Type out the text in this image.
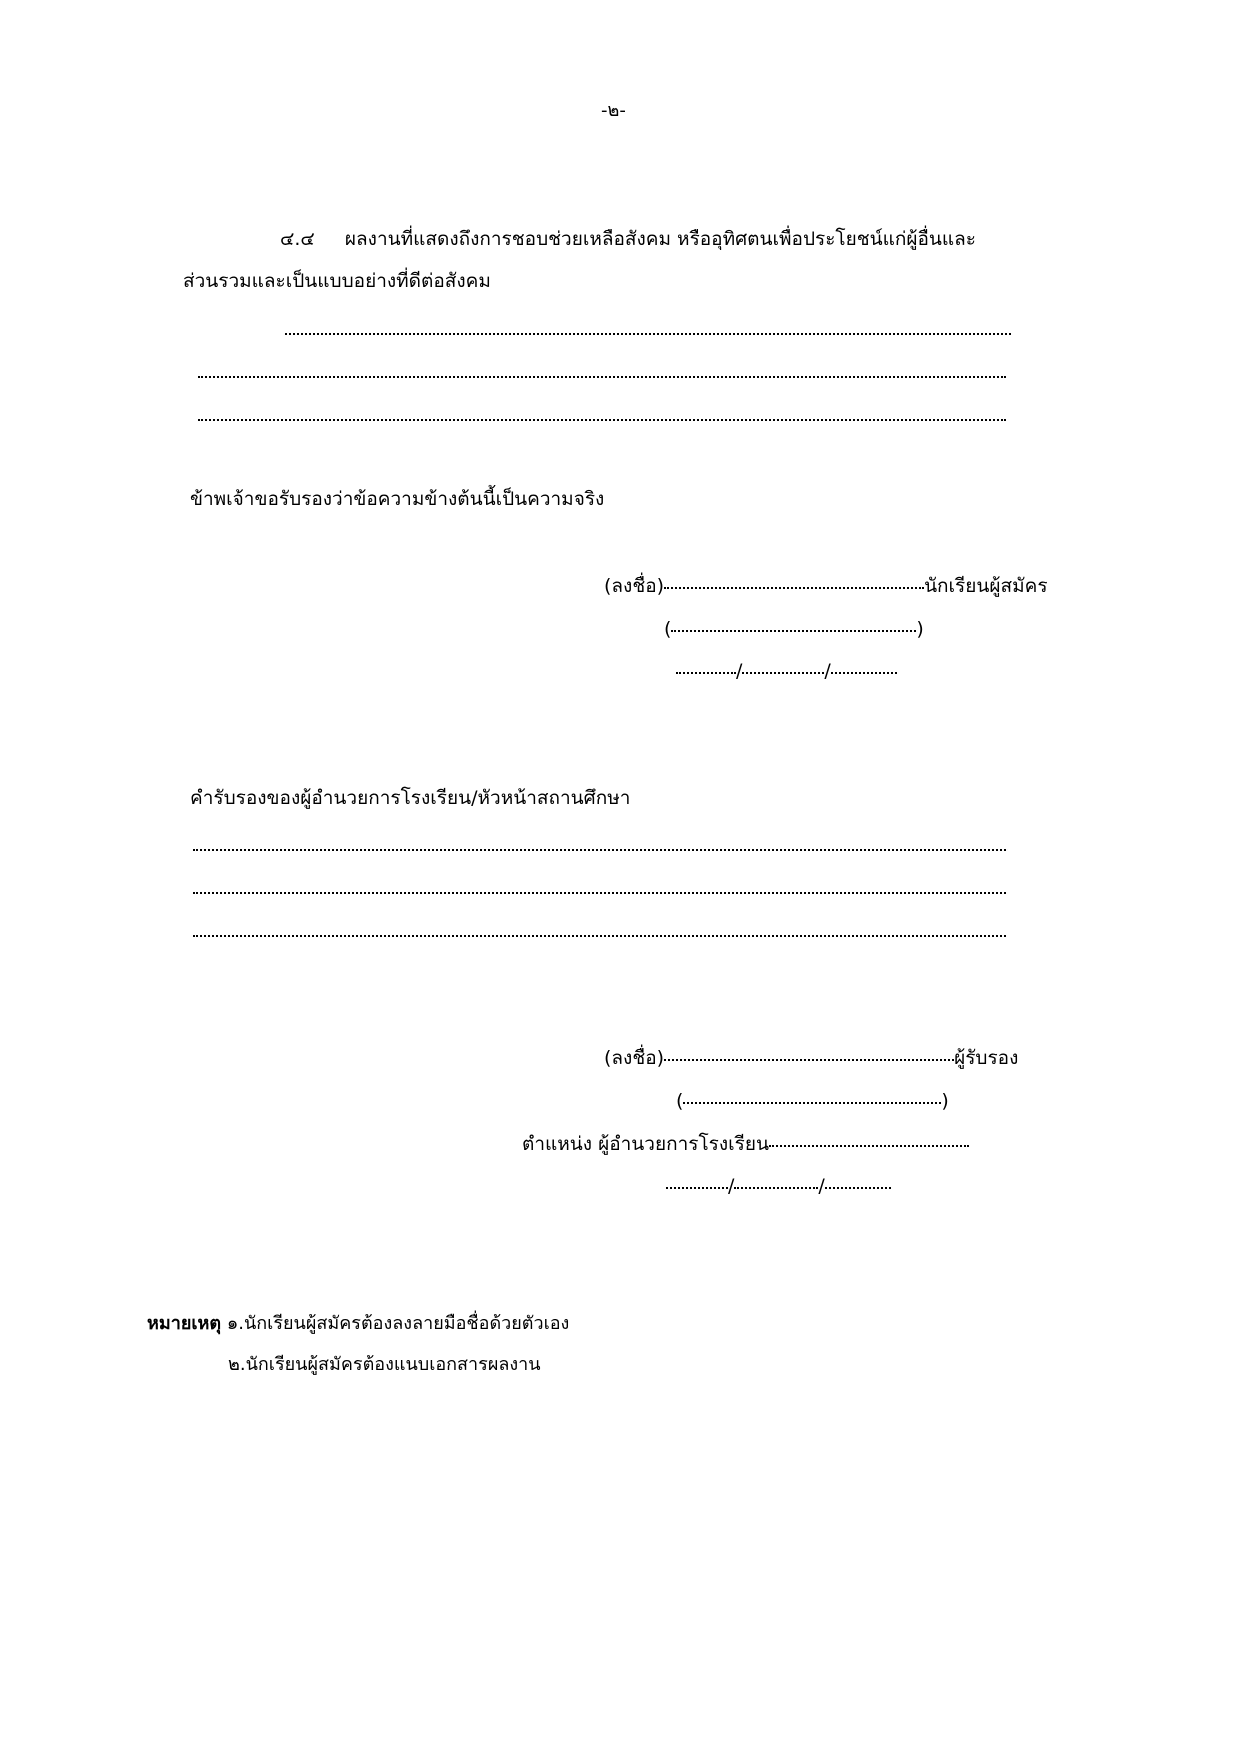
-๒-
๔.๔ ผลงานที่แสดงถึงการชอบช่วยเหลือสังคม หรืออุทิศตนเพื่อประโยชน์แก่ผู้อื่นและ
ส่วนรวมและเป็นแบบอย่างที่ดีต่อสังคม
ข้าพเจ้าขอรับรองว่าข้อความข้างต้นนี้เป็นความจริง
(ลงชื่อ)	นักเรียนผู้สมัคร
(	)
/	/
คำรับรองของผู้อำนวยการโรงเรียน/หัวหน้าสถานศึกษา
(ลงชื่อ)	ผู้รับรอง
(	)
ตำแหน่ง ผู้อำนวยการโรงเรียน
/	/
หมายเหตุ ๑.นักเรียนผู้สมัครต้องลงลายมือชื่อด้วยตัวเอง
๒.นักเรียนผู้สมัครต้องแนบเอกสารผลงาน
